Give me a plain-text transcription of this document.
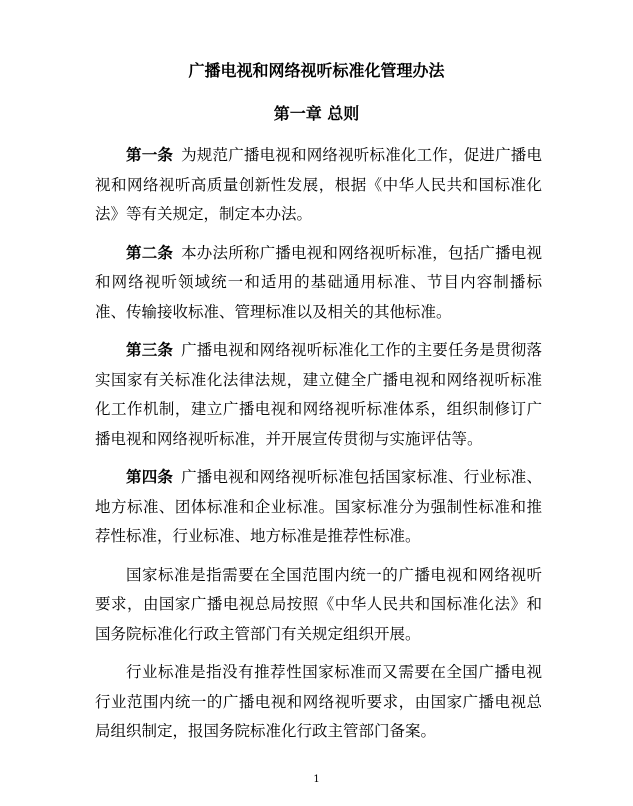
广播电视和网络视听标准化管理办法
第一章 总则

第一条 为规范广播电视和网络视听标准化工作，促进广播电视和网络视听高质量创新性发展，根据《中华人民共和国标准化法》等有关规定，制定本办法。

第二条 本办法所称广播电视和网络视听标准，包括广播电视和网络视听领域统一和适用的基础通用标准、节目内容制播标准、传输接收标准、管理标准以及相关的其他标准。

第三条 广播电视和网络视听标准化工作的主要任务是贯彻落实国家有关标准化法律法规，建立健全广播电视和网络视听标准化工作机制，建立广播电视和网络视听标准体系，组织制修订广播电视和网络视听标准，并开展宣传贯彻与实施评估等。

第四条 广播电视和网络视听标准包括国家标准、行业标准、地方标准、团体标准和企业标准。国家标准分为强制性标准和推荐性标准，行业标准、地方标准是推荐性标准。

国家标准是指需要在全国范围内统一的广播电视和网络视听要求，由国家广播电视总局按照《中华人民共和国标准化法》和国务院标准化行政主管部门有关规定组织开展。

行业标准是指没有推荐性国家标准而又需要在全国广播电视行业范围内统一的广播电视和网络视听要求，由国家广播电视总局组织制定，报国务院标准化行政主管部门备案。

1
